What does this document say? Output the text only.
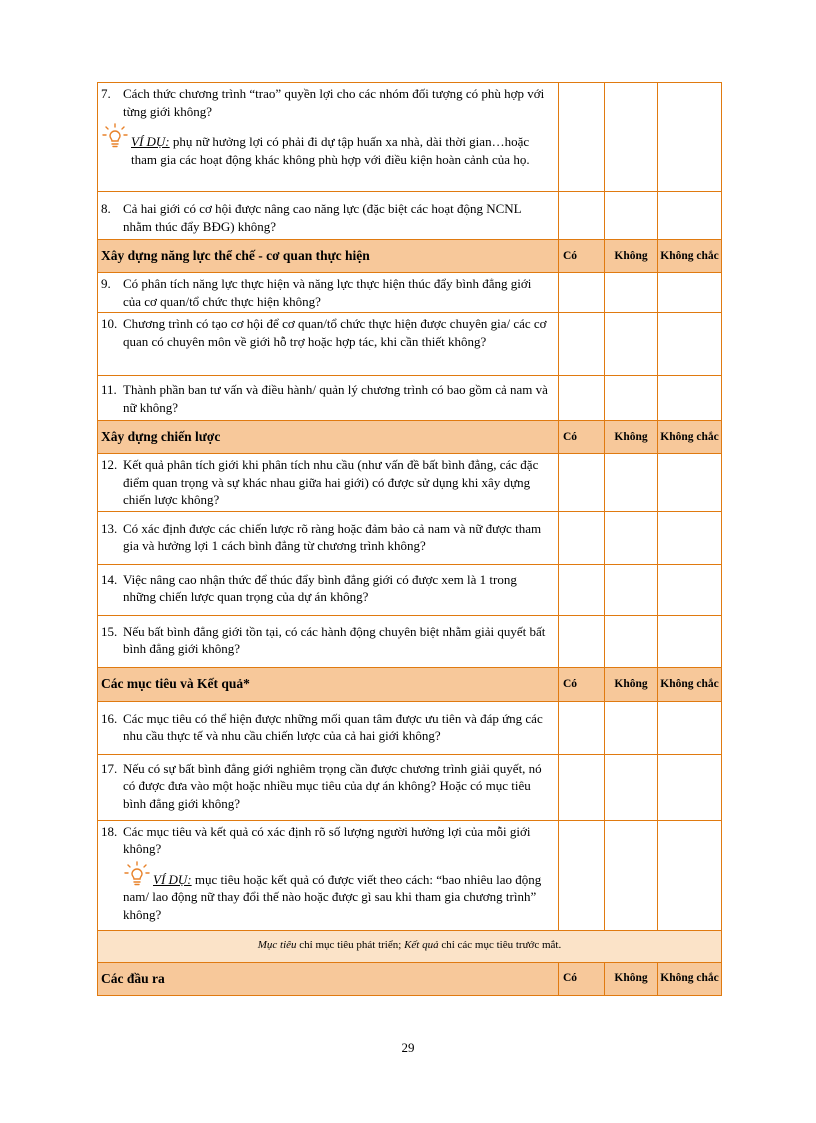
7. Cách thức chương trình “trao” quyền lợi cho các nhóm đối tượng có phù hợp với từng giới không?
VÍ DỤ: phụ nữ hưởng lợi có phải đi dự tập huấn xa nhà, dài thời gian…hoặc tham gia các hoạt động khác không phù hợp với điều kiện hoàn cảnh của họ.			

8. Cả hai giới có cơ hội được nâng cao năng lực (đặc biệt các hoạt động NCNL nhằm thúc đẩy BĐG) không?			

Xây dựng năng lực thể chế - cơ quan thực hiện	Có	Không	Không chắc

9. Có phân tích năng lực thực hiện và năng lực thực hiện thúc đẩy bình đẳng giới của cơ quan/tổ chức thực hiện không?			

10. Chương trình có tạo cơ hội để cơ quan/tổ chức thực hiện được chuyên gia/ các cơ quan có chuyên môn về giới hỗ trợ hoặc hợp tác, khi cần thiết không?			

11. Thành phần ban tư vấn và điều hành/ quản lý chương trình có bao gồm cả nam và nữ không?			

Xây dựng chiến lược	Có	Không	Không chắc

12. Kết quả phân tích giới khi phân tích nhu cầu (như vấn đề bất bình đẳng, các đặc điểm quan trọng và sự khác nhau giữa hai giới) có được sử dụng khi xây dựng chiến lược không?			

13. Có xác định được các chiến lược rõ ràng hoặc đảm bảo cả nam và nữ được tham gia và hưởng lợi 1 cách bình đẳng từ chương trình không?			

14. Việc nâng cao nhận thức để thúc đẩy bình đẳng giới có được xem là 1 trong những chiến lược quan trọng của dự án không?			

15. Nếu bất bình đẳng giới tồn tại, có các hành động chuyên biệt nhằm giải quyết bất bình đẳng giới không?			

Các mục tiêu và Kết quả*	Có	Không	Không chắc

16. Các mục tiêu có thể hiện được những mối quan tâm được ưu tiên và đáp ứng các nhu cầu thực tế và nhu cầu chiến lược của cả hai giới không?			

17. Nếu có sự bất bình đẳng giới nghiêm trọng cần được chương trình giải quyết, nó có được đưa vào một hoặc nhiều mục tiêu của dự án không? Hoặc có mục tiêu bình đẳng giới không?			

18. Các mục tiêu và kết quả có xác định rõ số lượng người hưởng lợi của mỗi giới không?
VÍ DỤ: mục tiêu hoặc kết quả có được viết theo cách: “bao nhiêu lao động nam/ lao động nữ thay đổi thế nào hoặc được gì sau khi tham gia chương trình” không?			

Mục tiêu chỉ mục tiêu phát triển; Kết quả chỉ các mục tiêu trước mắt.			
Các đầu ra	Có	Không	Không chắc
29
